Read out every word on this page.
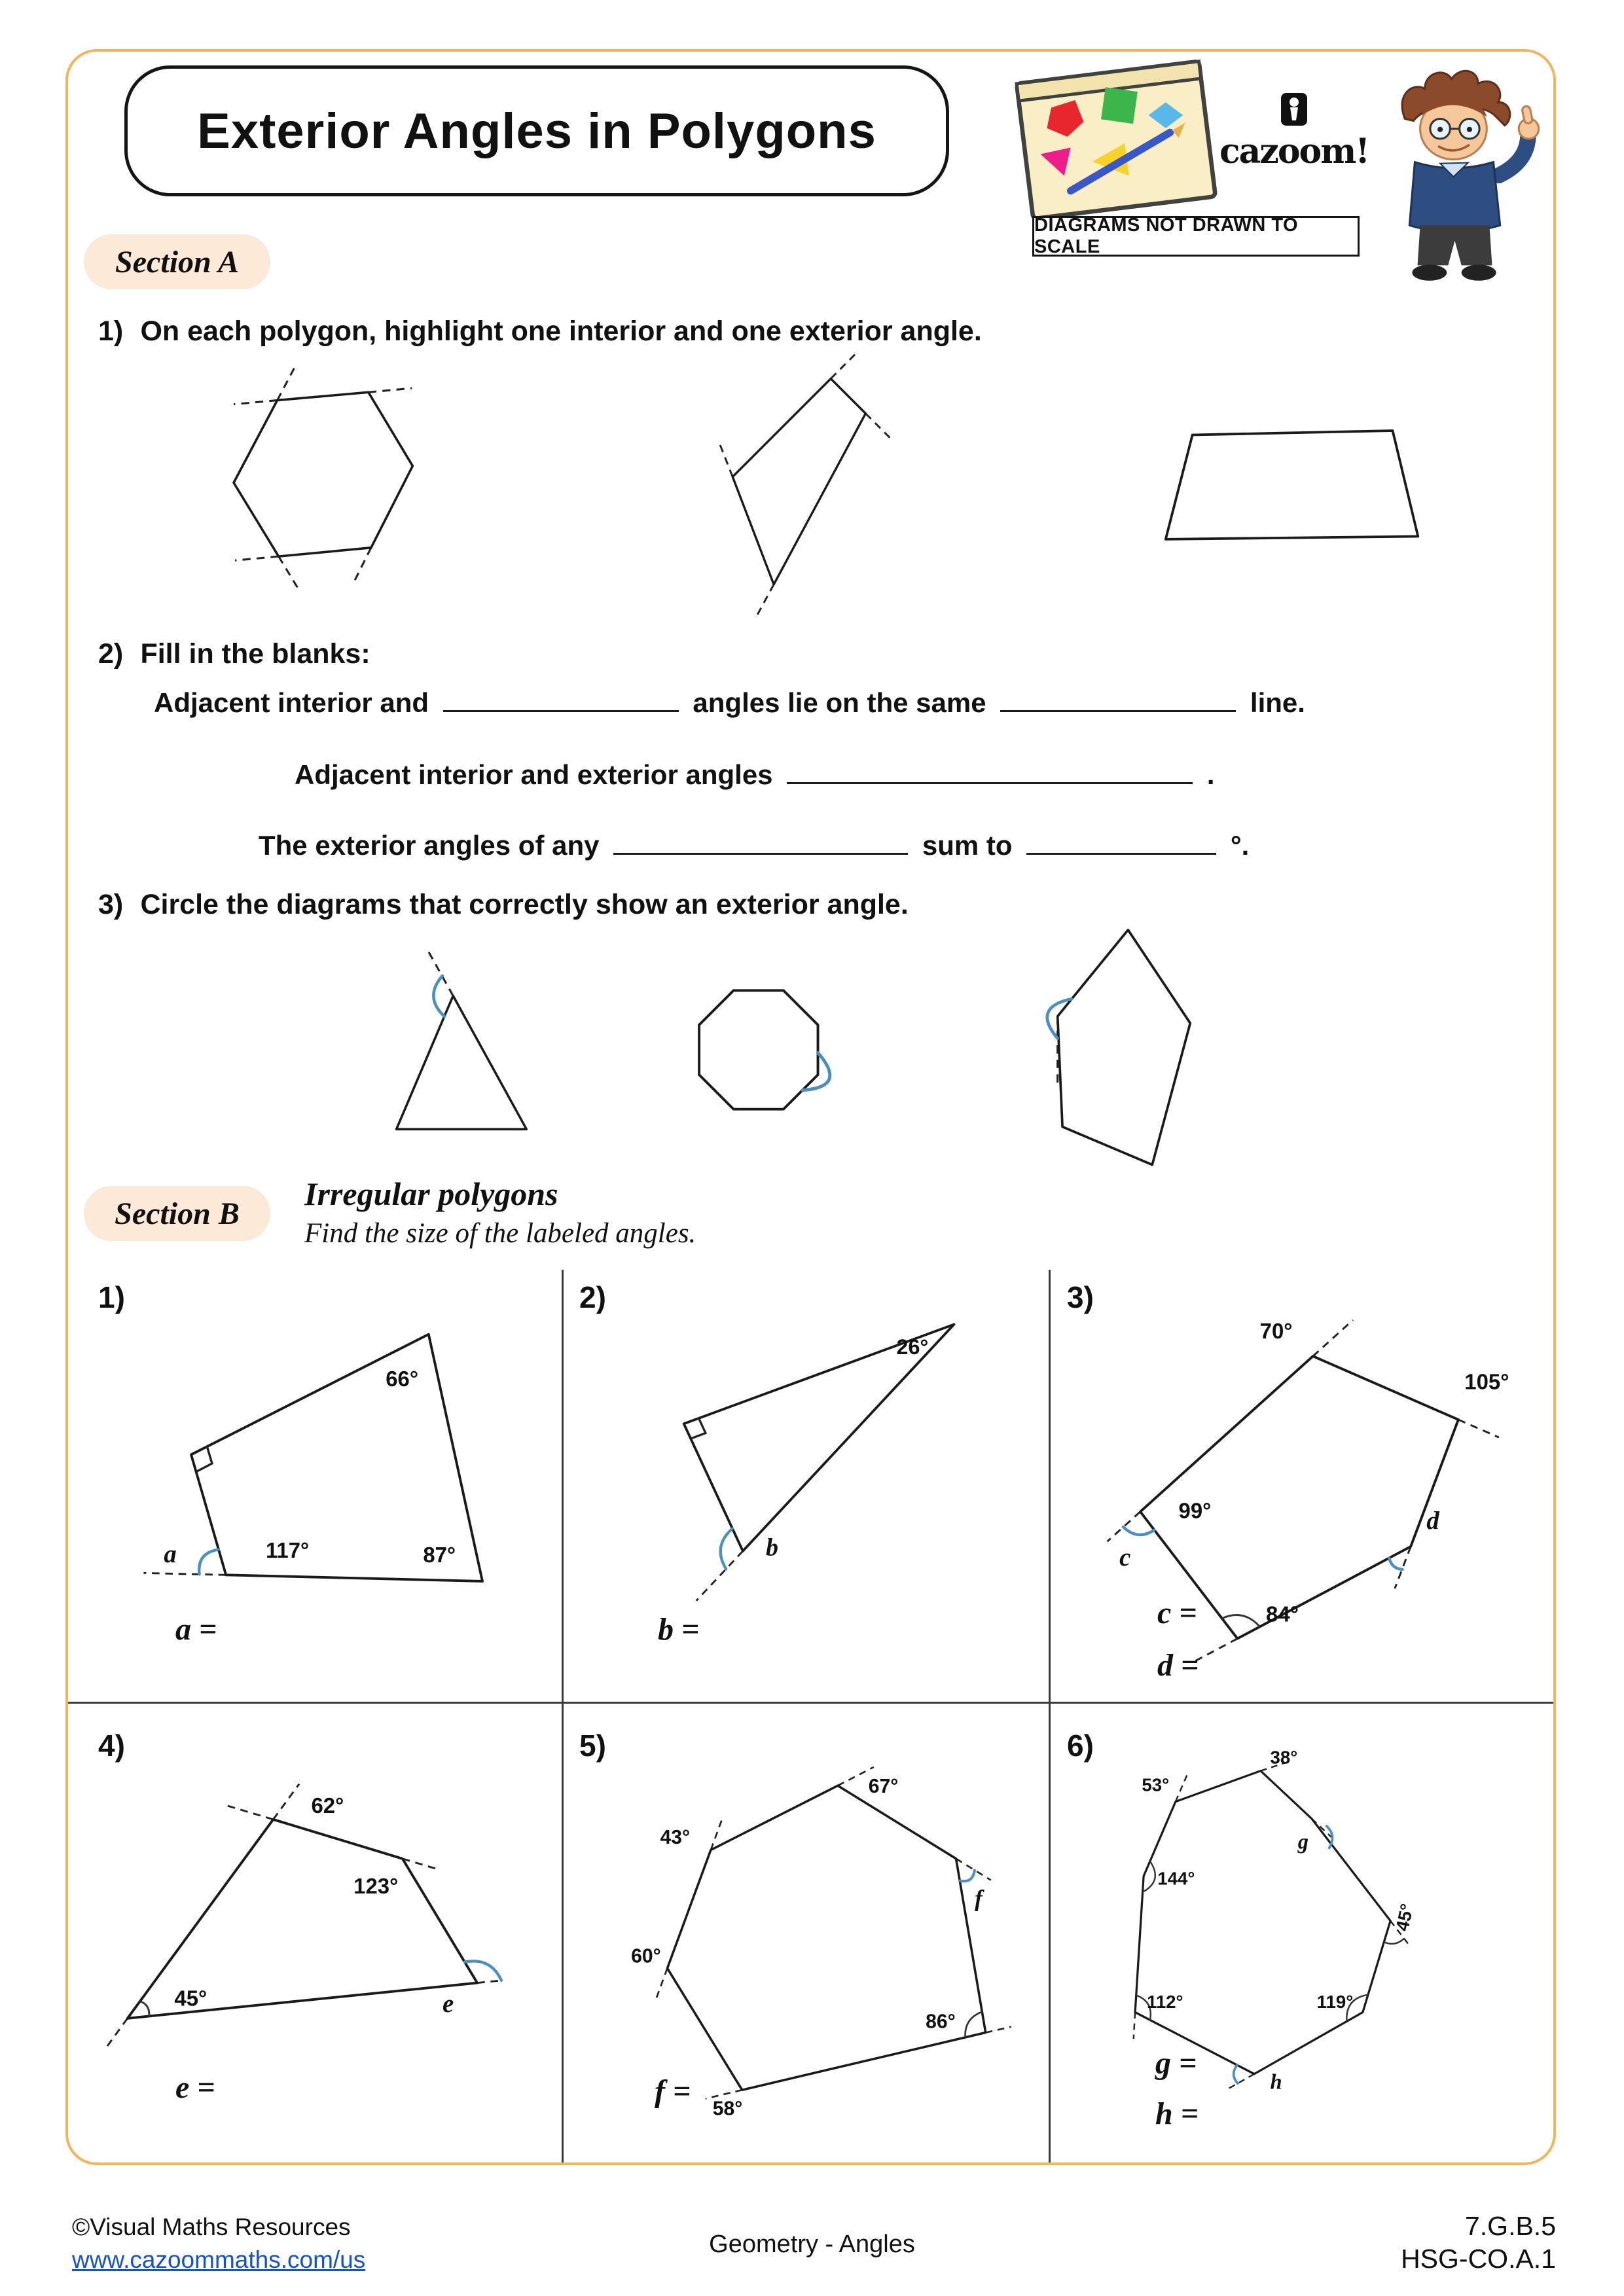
Exterior Angles in Polygons	cazoom!
DIAGRAMS NOT DRAWN TO SCALE
Section A
1) On each polygon, highlight one interior and one exterior angle.
2) Fill in the blanks:
Adjacent interior and	angles lie on the same	line.
Adjacent interior and exterior angles	.
The exterior angles of any	sum to	°.
3) Circle the diagrams that correctly show an exterior angle.
Section B
Irregular polygons
Find the size of the labeled angles.
1)
66°
117°	87°
a
a =
2)
26°
b
b =
3)
70°
105°
99°
84°
d
c
c =
d =
4)
62°
123°
45°	e
e =
5)
67°
43°
60°
58°
86°
f
f =
6)
53°
38°
45°
144°
112°	119°
g
h
g =
h =
©Visual Maths Resources
www.cazoommaths.com/us
Geometry - Angles
7.G.B.5
HSG-CO.A.1
